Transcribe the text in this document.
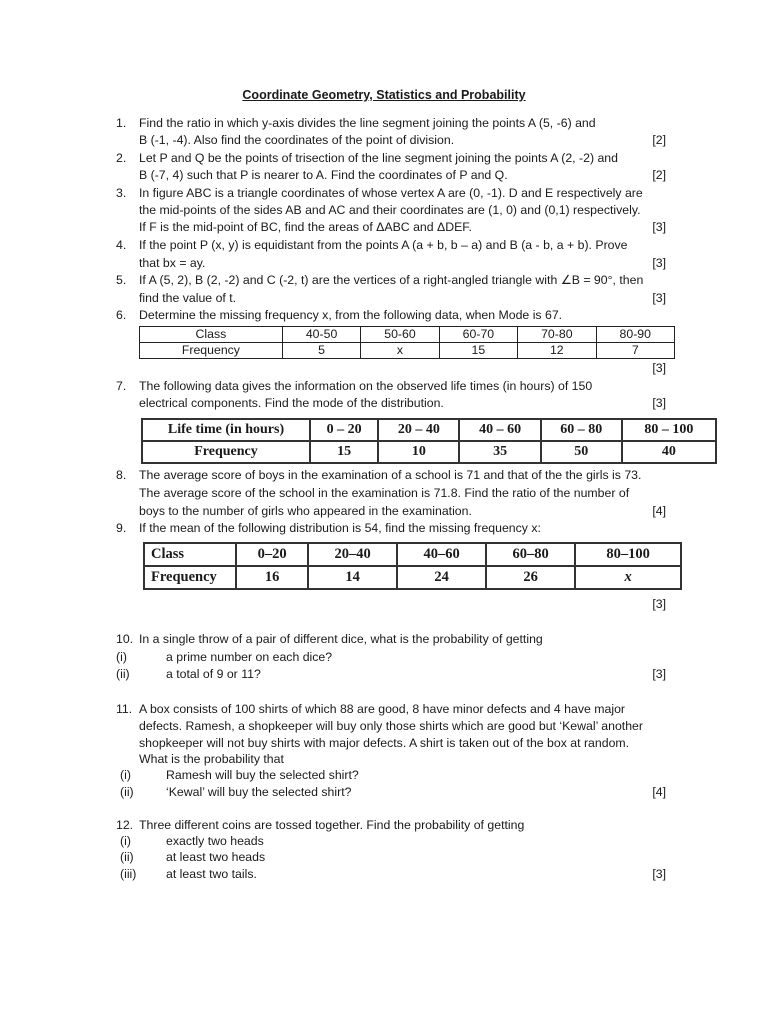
Coordinate Geometry, Statistics and Probability
1. Find the ratio in which y-axis divides the line segment joining the points A (5, -6) and
B (-1, -4). Also find the coordinates of the point of division.	[2]
2. Let P and Q be the points of trisection of the line segment joining the points A (2, -2) and
B (-7, 4) such that P is nearer to A. Find the coordinates of P and Q.	[2]
3. In figure ABC is a triangle coordinates of whose vertex A are (0, -1). D and E respectively are
the mid-points of the sides AB and AC and their coordinates are (1, 0) and (0,1) respectively.
If F is the mid-point of BC, find the areas of ΔABC and ΔDEF.	[3]
4. If the point P (x, y) is equidistant from the points A (a + b, b – a) and B (a - b, a + b). Prove
that bx = ay.	[3]
5. If A (5, 2), B (2, -2) and C (-2, t) are the vertices of a right-angled triangle with ∠B = 90°, then
find the value of t.	[3]
6. Determine the missing frequency x, from the following data, when Mode is 67.
Class	40-50	50-60	60-70	70-80	80-90
Frequency	5	x	15	12	7
[3]
7. The following data gives the information on the observed life times (in hours) of 150
electrical components. Find the mode of the distribution.	[3]
Life time (in hours)	0 – 20	20 – 40	40 – 60	60 – 80	80 – 100
Frequency	15	10	35	50	40
8. The average score of boys in the examination of a school is 71 and that of the the girls is 73.
The average score of the school in the examination is 71.8. Find the ratio of the number of
boys to the number of girls who appeared in the examination.	[4]
9. If the mean of the following distribution is 54, find the missing frequency x:
Class	0–20	20–40	40–60	60–80	80–100
Frequency	16	14	24	26	x
[3]
10. In a single throw of a pair of different dice, what is the probability of getting
(i)	a prime number on each dice?
(ii)	a total of 9 or 11?	[3]
11. A box consists of 100 shirts of which 88 are good, 8 have minor defects and 4 have major
defects. Ramesh, a shopkeeper will buy only those shirts which are good but ‘Kewal’ another
shopkeeper will not buy shirts with major defects. A shirt is taken out of the box at random.
What is the probability that
(i)	Ramesh will buy the selected shirt?
(ii)	‘Kewal’ will buy the selected shirt?	[4]
12. Three different coins are tossed together. Find the probability of getting
(i)	exactly two heads
(ii)	at least two heads
(iii) at least two tails.	[3]
